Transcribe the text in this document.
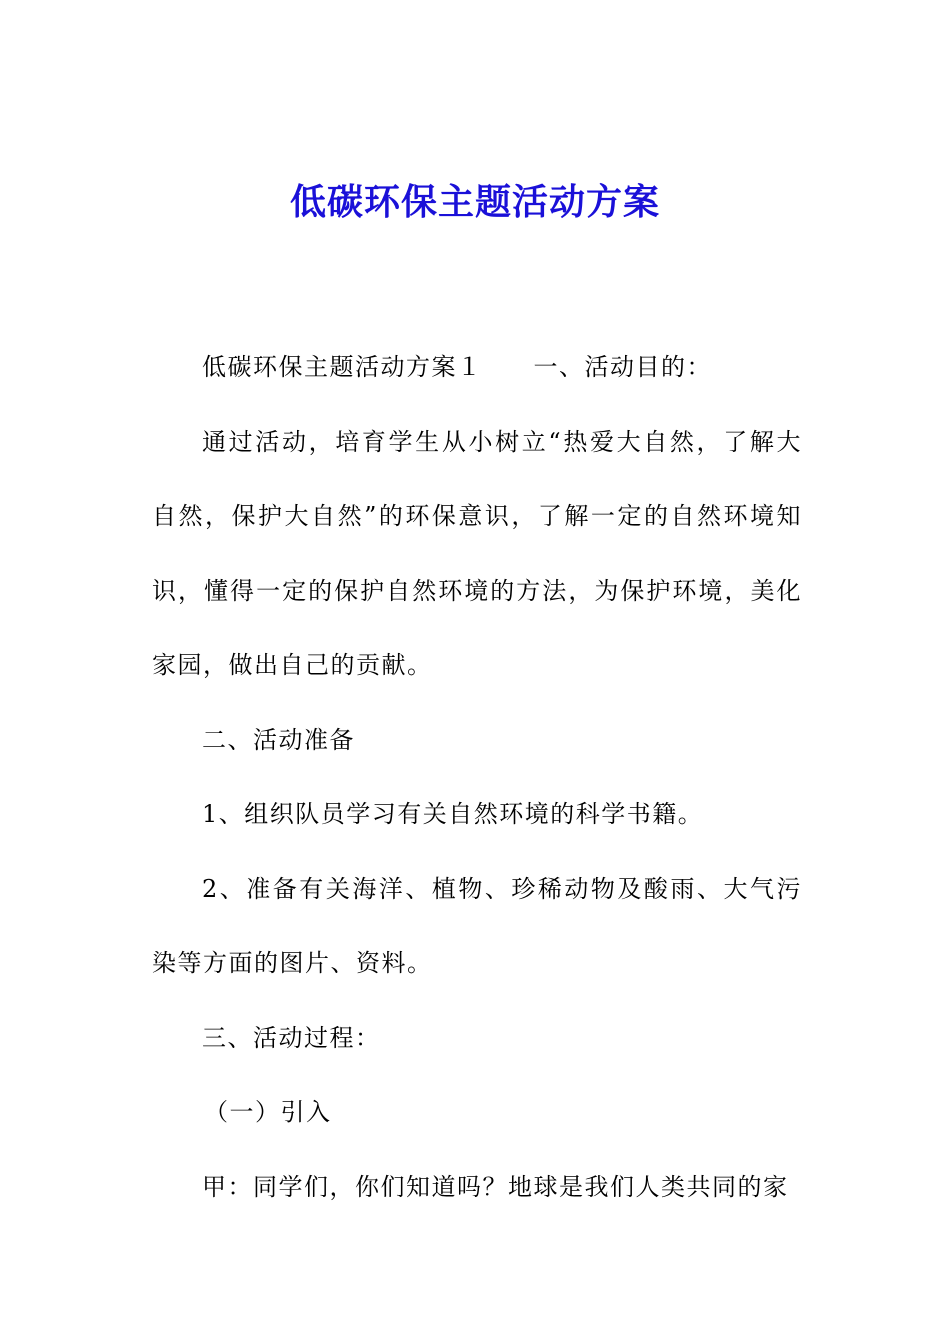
低碳环保主题活动方案

低碳环保主题活动方案１　　一、活动目的：

通过活动，培育学生从小树立“热爱大自然，了解大自然，保护大自然”的环保意识，了解一定的自然环境知识，懂得一定的保护自然环境的方法，为保护环境，美化家园，做出自己的贡献。

二、活动准备

1、组织队员学习有关自然环境的科学书籍。

2、准备有关海洋、植物、珍稀动物及酸雨、大气污染等方面的图片、资料。

三、活动过程：

（一）引入

甲：同学们，你们知道吗？地球是我们人类共同的家
